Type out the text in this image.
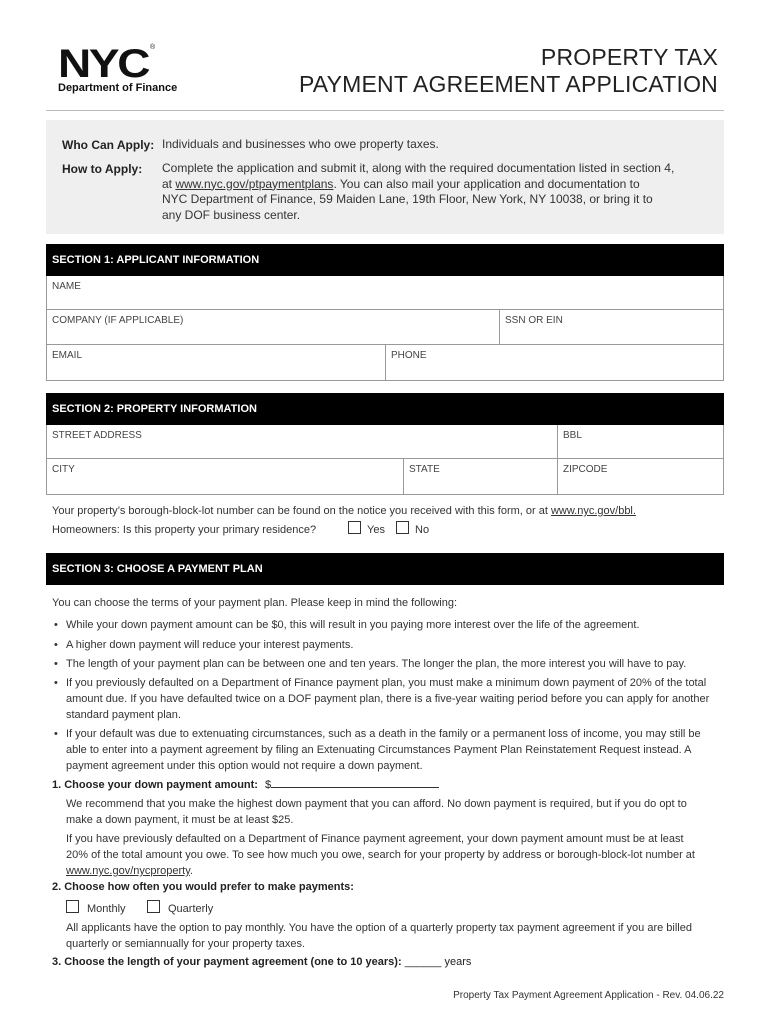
NYC ®
Department of Finance
PROPERTY TAX
PAYMENT AGREEMENT APPLICATION
Who Can Apply: Individuals and businesses who owe property taxes.
How to Apply: Complete the application and submit it, along with the required documentation listed in section 4,
at www.nyc.gov/ptpaymentplans. You can also mail your application and documentation to
NYC Department of Finance, 59 Maiden Lane, 19th Floor, New York, NY 10038, or bring it to
any DOF business center.
SECTION 1: APPLICANT INFORMATION
NAME
COMPANY (IF APPLICABLE)	SSN OR EIN
EMAIL	PHONE
SECTION 2: PROPERTY INFORMATION
STREET ADDRESS	BBL
CITY	STATE	ZIPCODE
Your property’s borough-block-lot number can be found on the notice you received with this form, or at www.nyc.gov/bbl.
Homeowners: Is this property your primary residence?	Yes	No
SECTION 3: CHOOSE A PAYMENT PLAN
You can choose the terms of your payment plan. Please keep in mind the following:
• While your down payment amount can be $0, this will result in you paying more interest over the life of the agreement.
• A higher down payment will reduce your interest payments.
• The length of your payment plan can be between one and ten years. The longer the plan, the more interest you will have to pay.
• If you previously defaulted on a Department of Finance payment plan, you must make a minimum down payment of 20% of the total amount due. If you have defaulted twice on a DOF payment plan, there is a five-year waiting period before you can apply for another standard payment plan.
• If your default was due to extenuating circumstances, such as a death in the family or a permanent loss of income, you may still be able to enter into a payment agreement by filing an Extenuating Circumstances Payment Plan Reinstatement Request instead. A payment agreement under this option would not require a down payment.
1. Choose your down payment amount: $
We recommend that you make the highest down payment that you can afford. No down payment is required, but if you do opt to make a down payment, it must be at least $25.
If you have previously defaulted on a Department of Finance payment agreement, your down payment amount must be at least 20% of the total amount you owe. To see how much you owe, search for your property by address or borough-block-lot number at www.nyc.gov/nycproperty.
2. Choose how often you would prefer to make payments:
Monthly	Quarterly
All applicants have the option to pay monthly. You have the option of a quarterly property tax payment agreement if you are billed quarterly or semiannually for your property taxes.
3. Choose the length of your payment agreement (one to 10 years): ______ years
Property Tax Payment Agreement Application - Rev. 04.06.22
